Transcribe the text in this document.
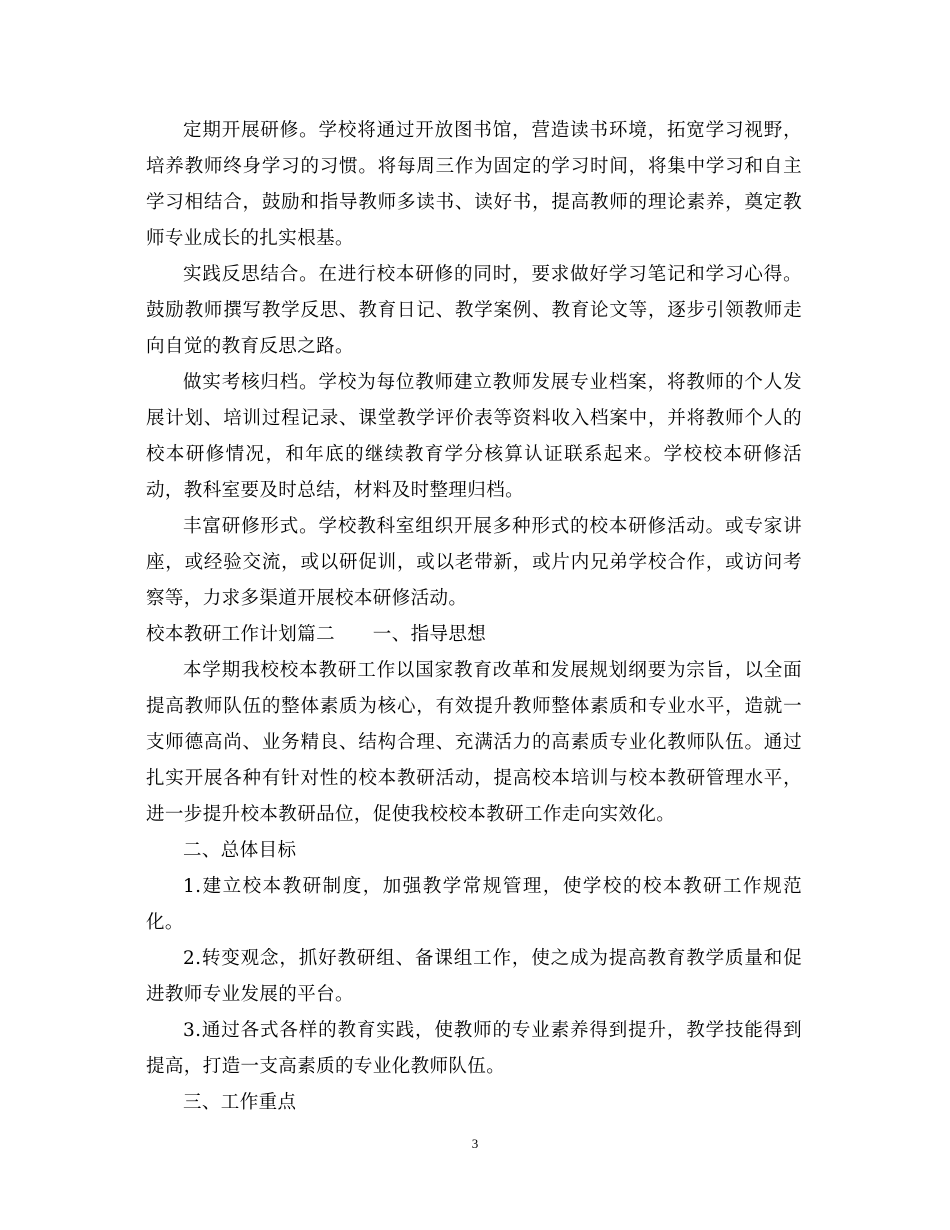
定期开展研修。学校将通过开放图书馆，营造读书环境，拓宽学习视野，培养教师终身学习的习惯。将每周三作为固定的学习时间，将集中学习和自主学习相结合，鼓励和指导教师多读书、读好书，提高教师的理论素养，奠定教师专业成长的扎实根基。

实践反思结合。在进行校本研修的同时，要求做好学习笔记和学习心得。鼓励教师撰写教学反思、教育日记、教学案例、教育论文等，逐步引领教师走向自觉的教育反思之路。

做实考核归档。学校为每位教师建立教师发展专业档案，将教师的个人发展计划、培训过程记录、课堂教学评价表等资料收入档案中，并将教师个人的校本研修情况，和年底的继续教育学分核算认证联系起来。学校校本研修活动，教科室要及时总结，材料及时整理归档。

丰富研修形式。学校教科室组织开展多种形式的校本研修活动。或专家讲座，或经验交流，或以研促训，或以老带新，或片内兄弟学校合作，或访问考察等，力求多渠道开展校本研修活动。

校本教研工作计划篇二　　一、指导思想

本学期我校校本教研工作以国家教育改革和发展规划纲要为宗旨，以全面提高教师队伍的整体素质为核心，有效提升教师整体素质和专业水平，造就一支师德高尚、业务精良、结构合理、充满活力的高素质专业化教师队伍。通过扎实开展各种有针对性的校本教研活动，提高校本培训与校本教研管理水平，进一步提升校本教研品位，促使我校校本教研工作走向实效化。

二、总体目标

1.建立校本教研制度，加强教学常规管理，使学校的校本教研工作规范化。

2.转变观念，抓好教研组、备课组工作，使之成为提高教育教学质量和促进教师专业发展的平台。

3.通过各式各样的教育实践，使教师的专业素养得到提升，教学技能得到提高，打造一支高素质的专业化教师队伍。

三、工作重点

3
